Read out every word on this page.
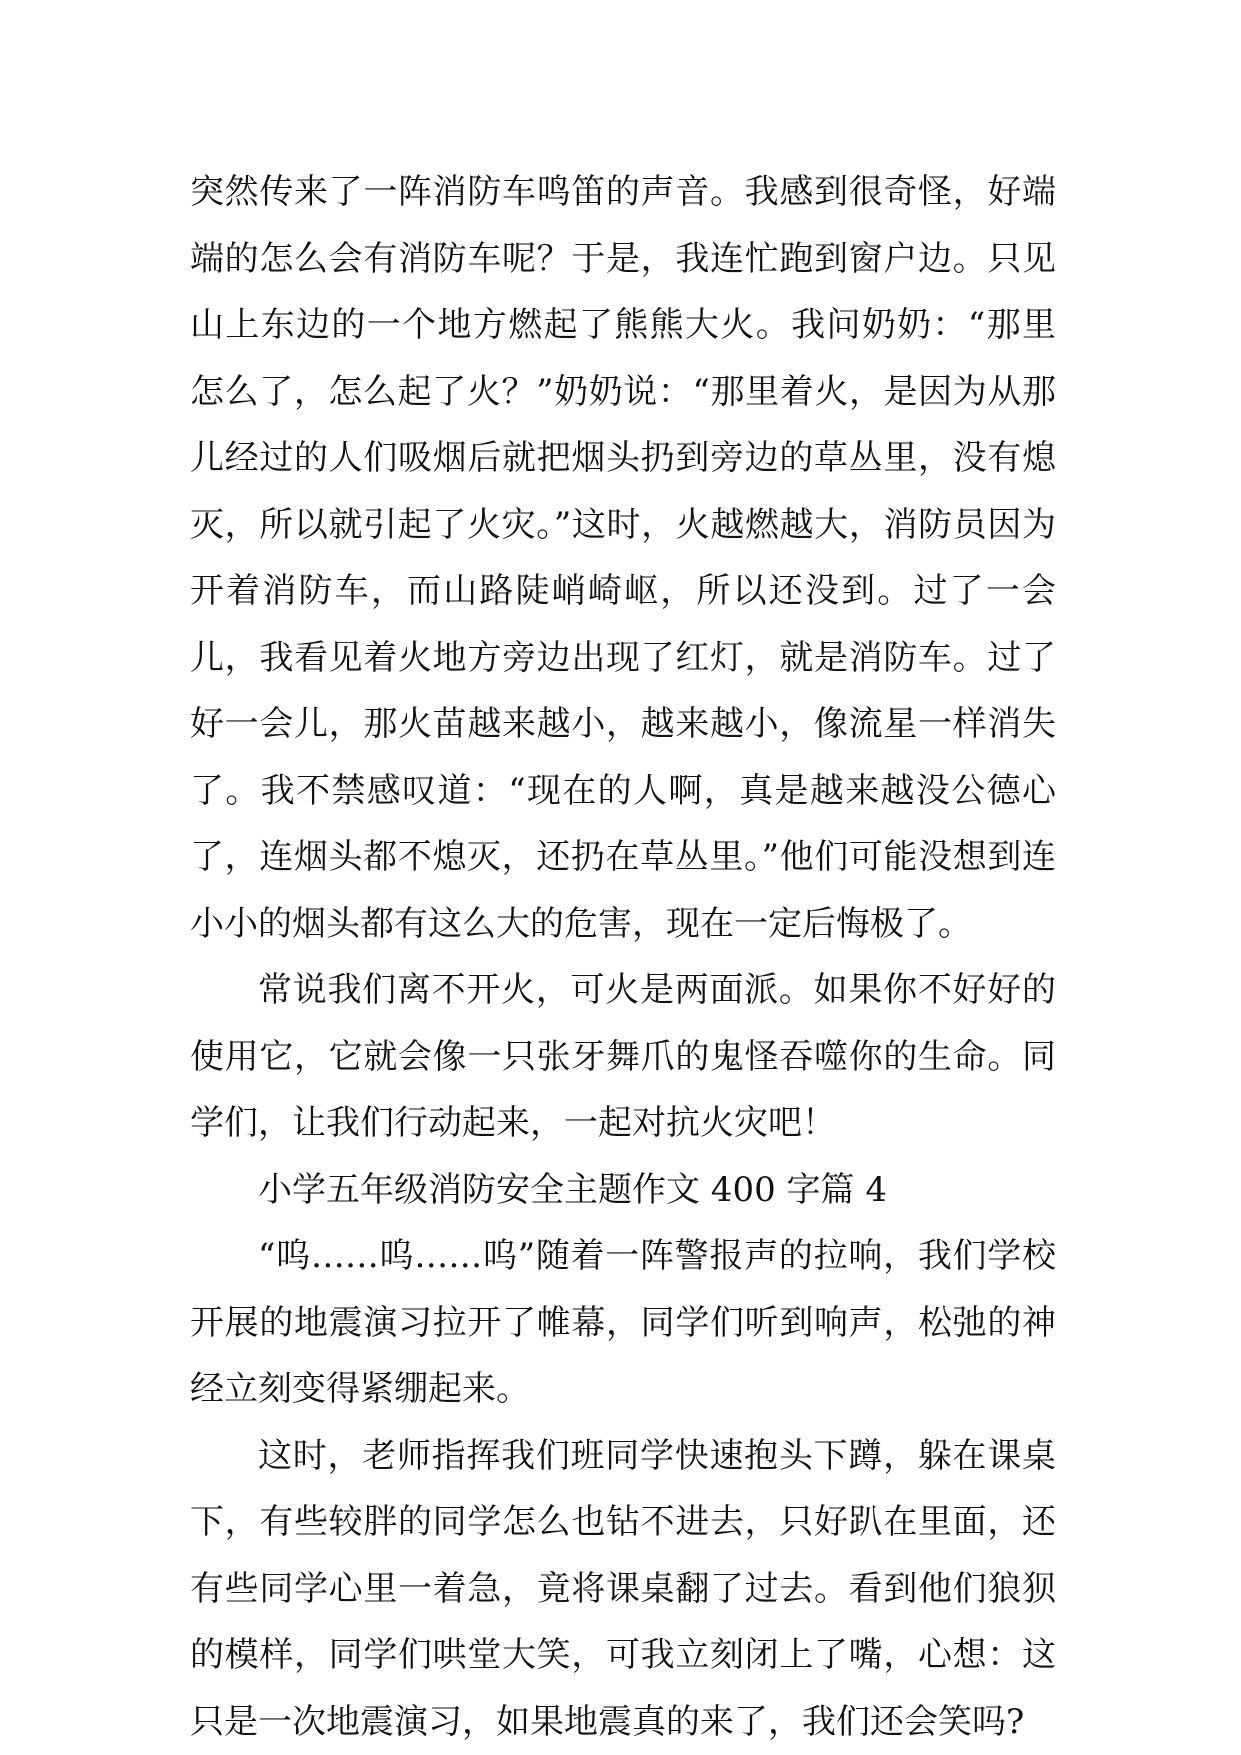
突然传来了一阵消防车鸣笛的声音。我感到很奇怪，好端端的怎么会有消防车呢？于是，我连忙跑到窗户边。只见山上东边的一个地方燃起了熊熊大火。我问奶奶：“那里怎么了，怎么起了火？”奶奶说：“那里着火，是因为从那儿经过的人们吸烟后就把烟头扔到旁边的草丛里，没有熄灭，所以就引起了火灾。”这时，火越燃越大，消防员因为开着消防车，而山路陡峭崎岖，所以还没到。过了一会儿，我看见着火地方旁边出现了红灯，就是消防车。过了好一会儿，那火苗越来越小，越来越小，像流星一样消失了。我不禁感叹道：“现在的人啊，真是越来越没公德心了，连烟头都不熄灭，还扔在草丛里。”他们可能没想到连小小的烟头都有这么大的危害，现在一定后悔极了。

常说我们离不开火，可火是两面派。如果你不好好的使用它，它就会像一只张牙舞爪的鬼怪吞噬你的生命。同学们，让我们行动起来，一起对抗火灾吧！

小学五年级消防安全主题作文 400 字篇 4

“呜……呜……呜”随着一阵警报声的拉响，我们学校开展的地震演习拉开了帷幕，同学们听到响声，松弛的神经立刻变得紧绷起来。

这时，老师指挥我们班同学快速抱头下蹲，躲在课桌下，有些较胖的同学怎么也钻不进去，只好趴在里面，还有些同学心里一着急，竟将课桌翻了过去。看到他们狼狈的模样，同学们哄堂大笑，可我立刻闭上了嘴，心想：这只是一次地震演习，如果地震真的来了，我们还会笑吗?
